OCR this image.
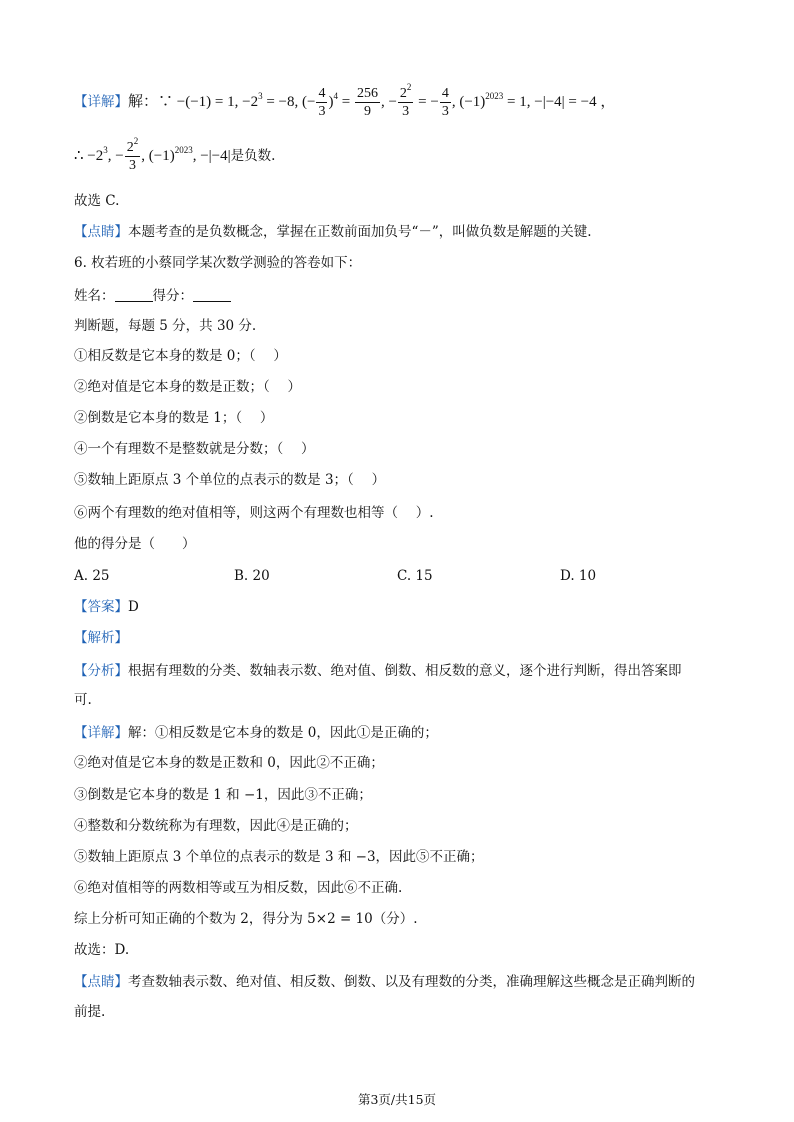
【详解】解：∵ −(−1) = 1, $-2^3 = -8$, (− $\frac{4}{3} )^4 = \frac{256}{9}$ , − $\frac{2^2}{3}$ = − $\frac{4}{3}$ , $(-1)^{2023} = 1$, −|−4| = −4 ，
∴ $-2^3$, − $\frac{2^2}{3}$ , $(-1)^{2023}$, −|−4|是负数.
故选 C.
【点睛】本题考查的是负数概念，掌握在正数前面加负号“－”，叫做负数是解题的关键.
6. 枚若班的小蔡同学某次数学测验的答卷如下：
姓名：	得分：
判断题，每题 5 分，共 30 分.
①相反数是它本身的数是 0；（　 ）
②绝对值是它本身的数是正数；（　 ）
②倒数是它本身的数是 1；（　 ）
④一个有理数不是整数就是分数；（　 ）
⑤数轴上距原点 3 个单位的点表示的数是 3；（　 ）
⑥两个有理数的绝对值相等，则这两个有理数也相等（　 ）.
他的得分是（　　）
A. 25	B. 20	C. 15	D. 10
【答案】D
【解析】
【分析】根据有理数的分类、数轴表示数、绝对值、倒数、相反数的意义，逐个进行判断，得出答案即
可.
【详解】解：①相反数是它本身的数是 0，因此①是正确的；
②绝对值是它本身的数是正数和 0，因此②不正确；
③倒数是它本身的数是 1 和 −1，因此③不正确；
④整数和分数统称为有理数，因此④是正确的；
⑤数轴上距原点 3 个单位的点表示的数是 3 和 −3，因此⑤不正确；
⑥绝对值相等的两数相等或互为相反数，因此⑥不正确.
综上分析可知正确的个数为 2，得分为 5×2 = 10（分）.
故选：D.
【点睛】考查数轴表示数、绝对值、相反数、倒数、以及有理数的分类，准确理解这些概念是正确判断的
前提.
第3页/共15页
